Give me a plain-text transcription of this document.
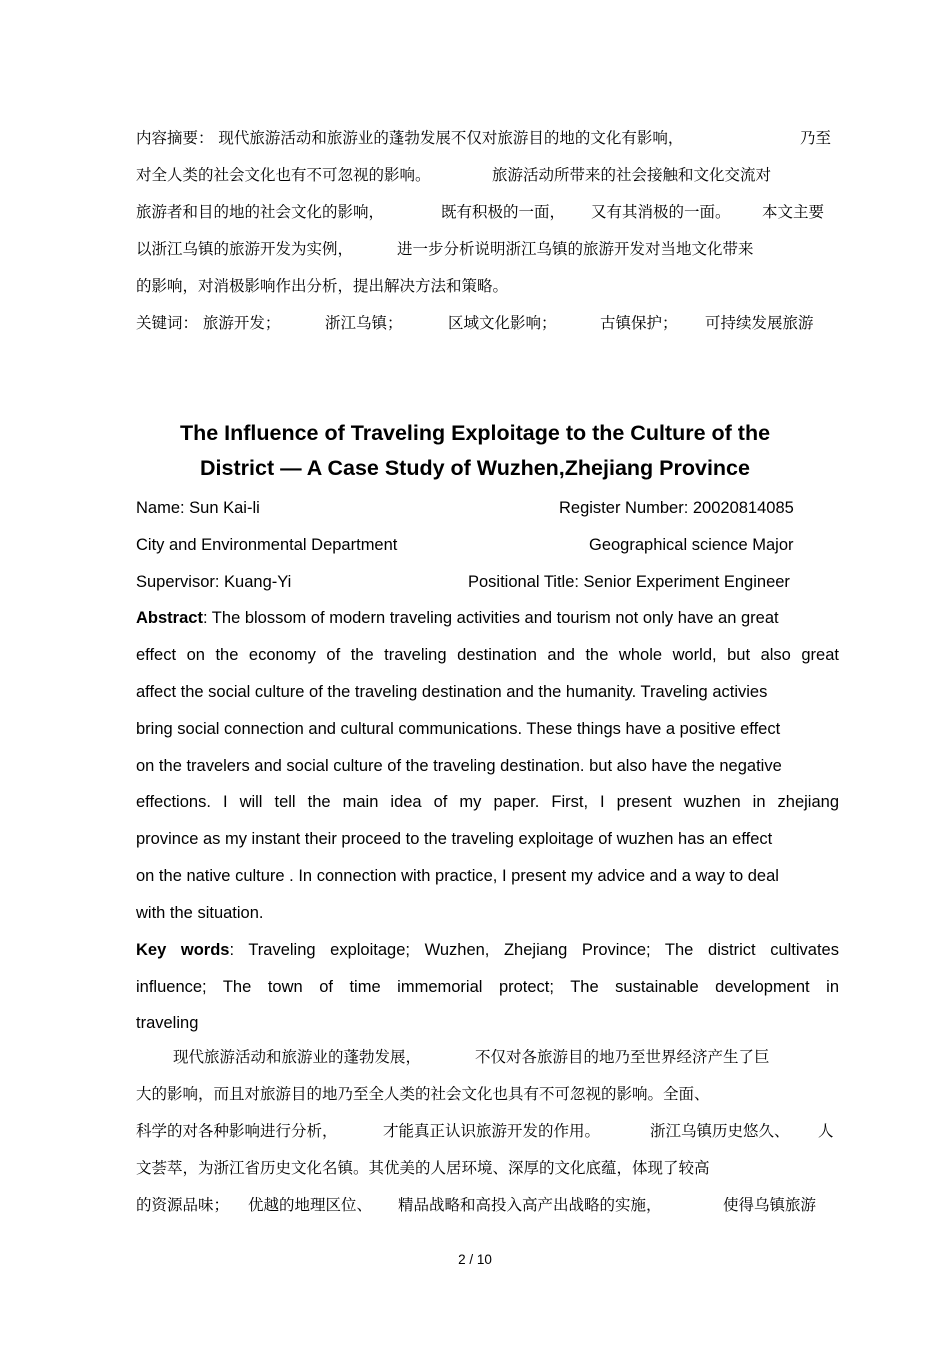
内容摘要： 现代旅游活动和旅游业的蓬勃发展不仅对旅游目的地的文化有影响，	乃至
对全人类的社会文化也有不可忽视的影响。	旅游活动所带来的社会接触和文化交流对
旅游者和目的地的社会文化的影响，	既有积极的一面， 又有其消极的一面。 本文主要
以浙江乌镇的旅游开发为实例，	进一步分析说明浙江乌镇的旅游开发对当地文化带来
的影响，对消极影响作出分析，提出解决方法和策略。
关键词： 旅游开发；	浙江乌镇；	区域文化影响；	古镇保护； 可持续发展旅游
The Influence of Traveling Exploitage to the Culture of the
District — A Case Study of Wuzhen,Zhejiang Province
Name: Sun Kai-li	Register Number: 20020814085
City and Environmental Department	Geographical science Major
Supervisor: Kuang-Yi	Positional Title: Senior Experiment Engineer
Abstract: The blossom of modern traveling activities and tourism not only have an great
effect on the economy of the traveling destination and the whole world, but also great
affect the social culture of the traveling destination and the humanity. Traveling activies
bring social connection and cultural communications. These things have a positive effect
on the travelers and social culture of the traveling destination. but also have the negative
effections. I will tell the main idea of my paper. First, I present wuzhen in zhejiang
province as my instant their proceed to the traveling exploitage of wuzhen has an effect
on the native culture . In connection with practice, I present my advice and a way to deal
with the situation.
Key words: Traveling exploitage; Wuzhen, Zhejiang Province; The district cultivates
influence; The town of time immemorial protect; The sustainable development in
traveling
现代旅游活动和旅游业的蓬勃发展，	不仅对各旅游目的地乃至世界经济产生了巨
大的影响，而且对旅游目的地乃至全人类的社会文化也具有不可忽视的影响。全面、
科学的对各种影响进行分析，	才能真正认识旅游开发的作用。	浙江乌镇历史悠久、 人
文荟萃，为浙江省历史文化名镇。其优美的人居环境、深厚的文化底蕴，体现了较高
的资源品味； 优越的地理区位、 精品战略和高投入高产出战略的实施，	使得乌镇旅游
2 / 10
